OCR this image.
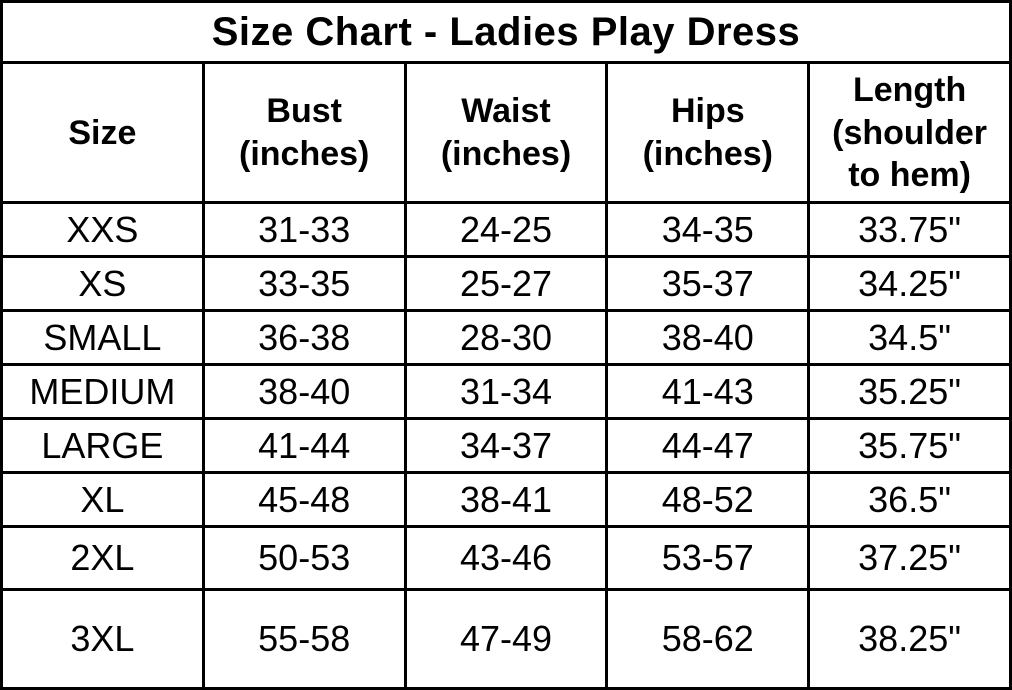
Size Chart - Ladies Play Dress				
Size	Bust (inches)	Waist (inches)	Hips (inches)	Length (shoulder to hem)
XXS	31-33	24-25	34-35	33.75"
XS	33-35	25-27	35-37	34.25"
SMALL	36-38	28-30	38-40	34.5"
MEDIUM	38-40	31-34	41-43	35.25"
LARGE	41-44	34-37	44-47	35.75"
XL	45-48	38-41	48-52	36.5"
2XL	50-53	43-46	53-57	37.25"
3XL	55-58	47-49	58-62	38.25"
